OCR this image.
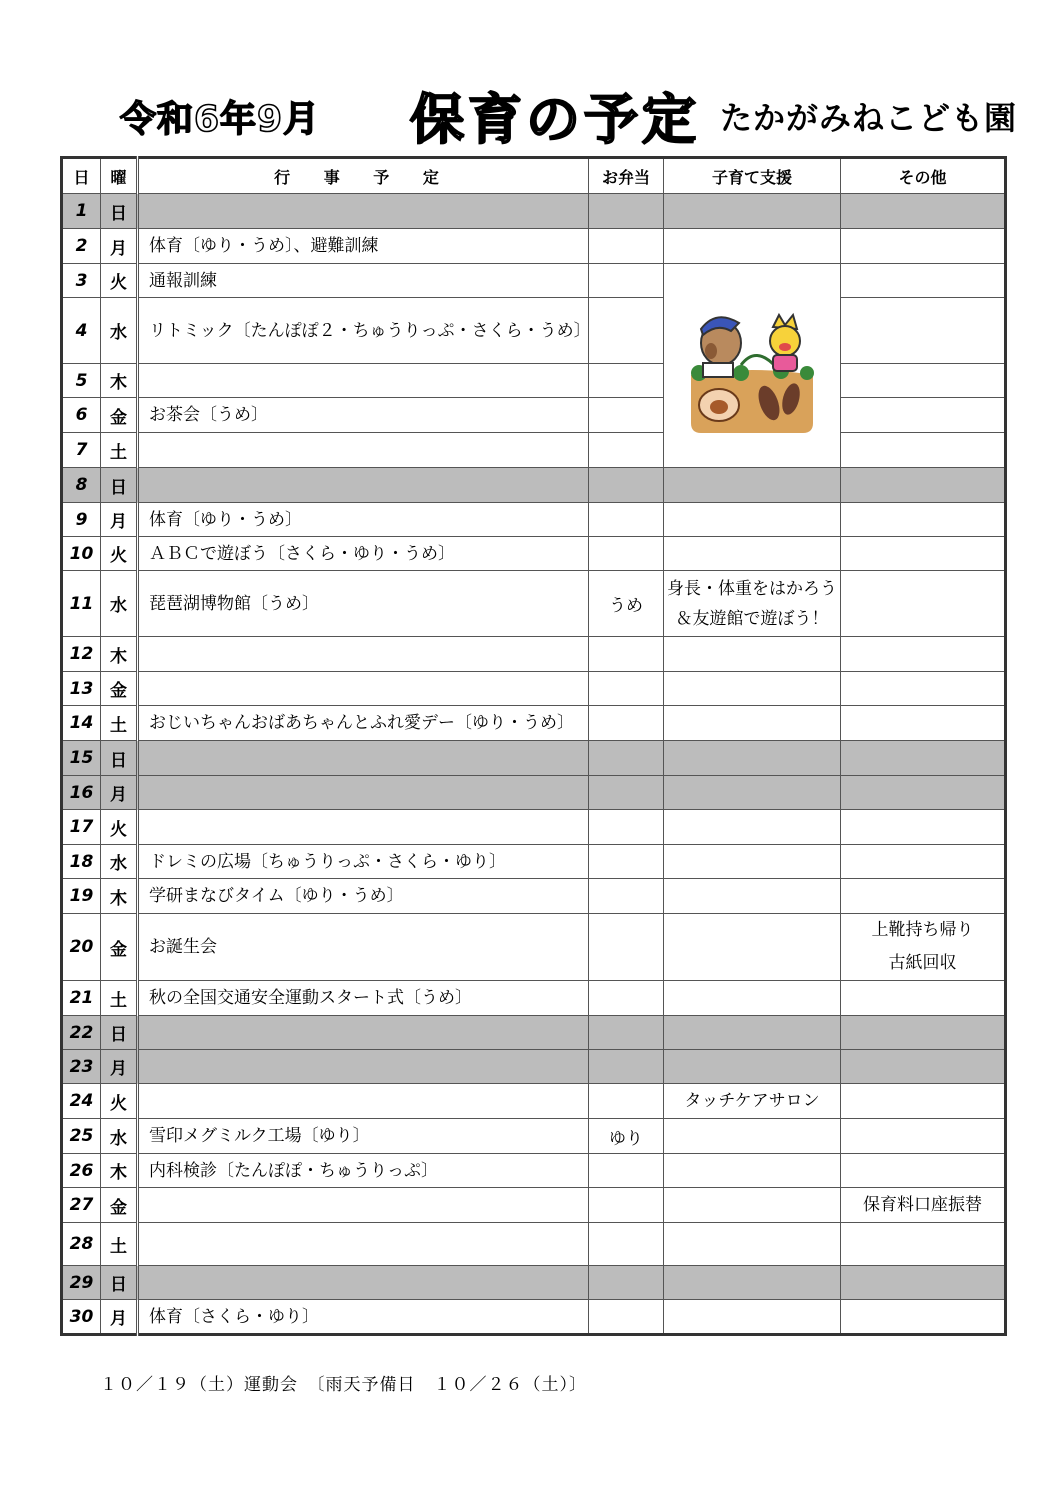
令和6年9月 保育の予定 たかがみねこども園
日	曜	行 事 予 定	お弁当	子育て支援	その他
1	日				
2	月	体育〔ゆり・うめ〕、避難訓練			
3	火	通報訓練		

4	水	リトミック〔たんぽぽ２・ちゅうりっぷ・さくら・うめ〕			
5	木				
6	金	お茶会〔うめ〕			
7	土				
8	日				
9	月	体育〔ゆり・うめ〕			
10	火	ＡＢＣで遊ぼう〔さくら・ゆり・うめ〕			
11	水	琵琶湖博物館〔うめ〕	うめ	身長・体重をはかろう
＆友遊館で遊ぼう！	
12	木				
13	金				
14	土	おじいちゃんおばあちゃんとふれ愛デー〔ゆり・うめ〕			
15	日				
16	月				
17	火				
18	水	ドレミの広場〔ちゅうりっぷ・さくら・ゆり〕			
19	木	学研まなびタイム〔ゆり・うめ〕			
20	金	お誕生会			上靴持ち帰り
古紙回収
21	土	秋の全国交通安全運動スタート式〔うめ〕			
22	日				
23	月				
24	火			タッチケアサロン	
25	水	雪印メグミルク工場〔ゆり〕	ゆり		
26	木	内科検診〔たんぽぽ・ちゅうりっぷ〕			
27	金				保育料口座振替
28	土				
29	日				
30	月	体育〔さくら・ゆり〕			
１０／１９（土）運動会　〔雨天予備日　１０／２６（土）〕
